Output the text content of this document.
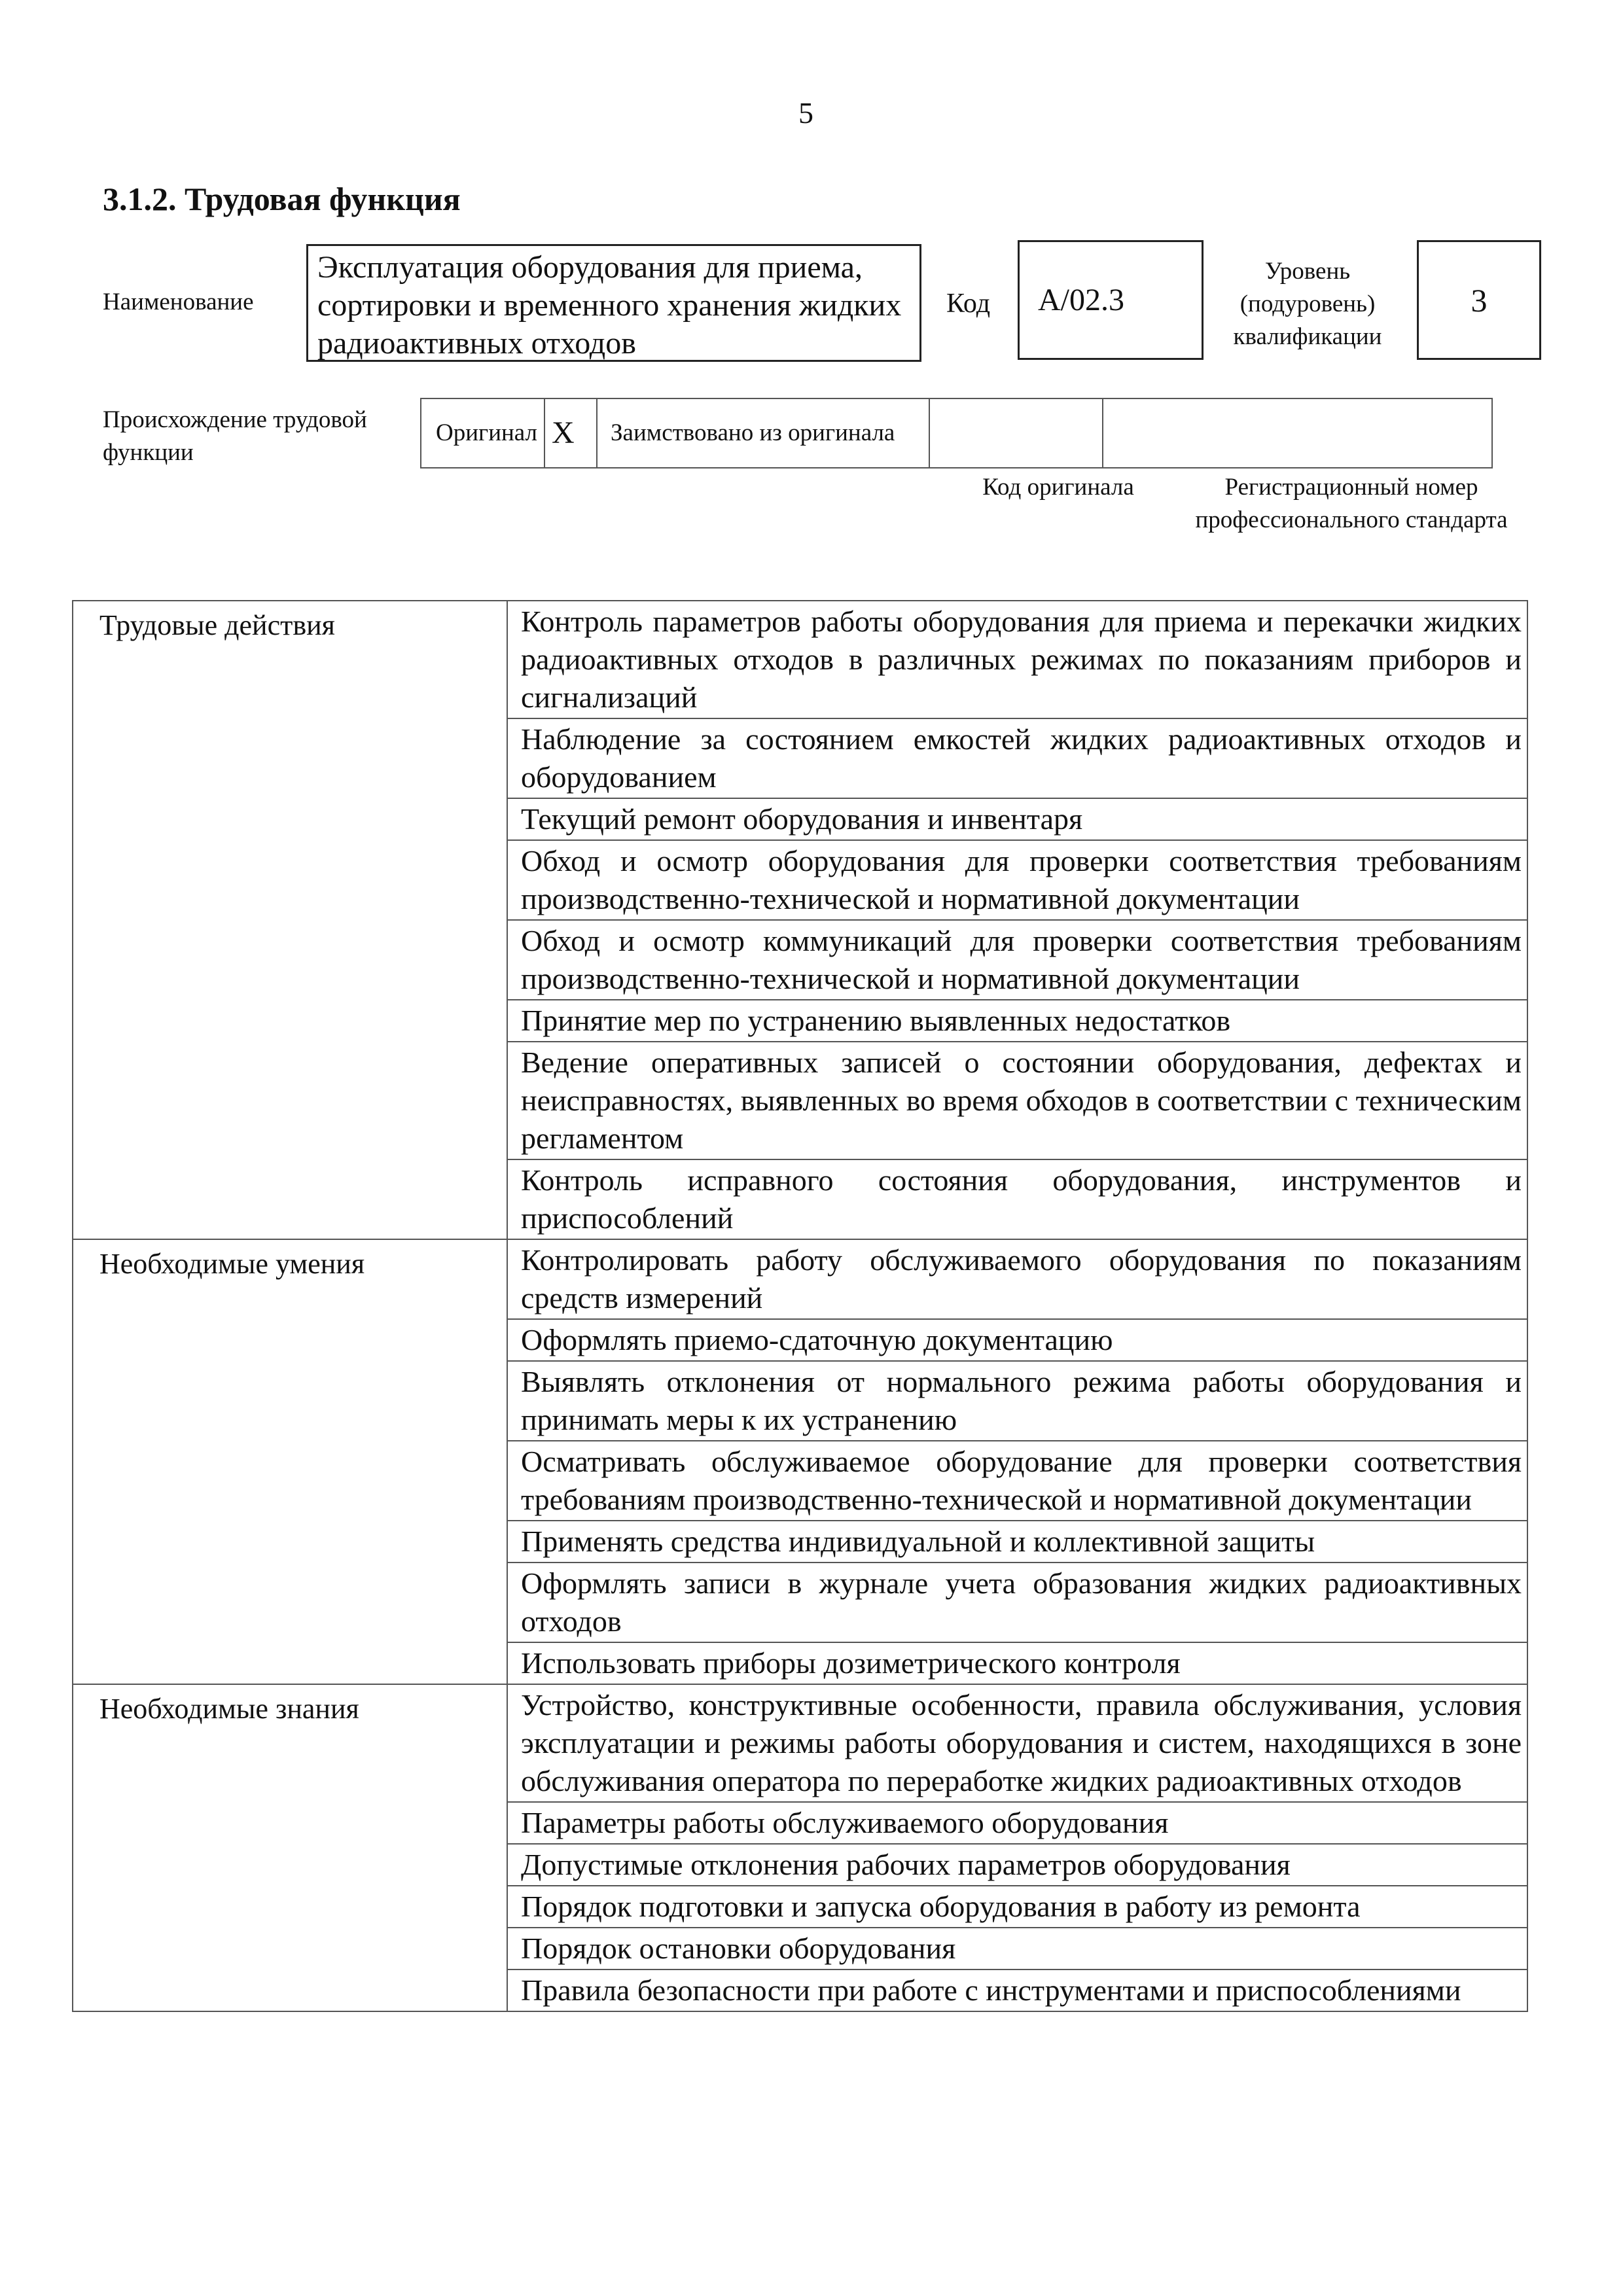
5
3.1.2. Трудовая функция
Наименование
Эксплуатация оборудования для приема, сортировки и временного хранения жидких радиоактивных отходов
Код	А/02.3
Уровень (подуровень) квалификации
3
Происхождение трудовой функции
Оригинал	Х	Заимствовано из оригинала		
Код оригинала	Регистрационный номер профессионального стандарта
Трудовые действия	Контроль параметров работы оборудования для приема и перекачки жидких радиоактивных отходов в различных режимах по показаниям приборов и сигнализаций
	Наблюдение за состоянием емкостей жидких радиоактивных отходов и оборудованием
	Текущий ремонт оборудования и инвентаря
	Обход и осмотр оборудования для проверки соответствия требованиям производственно-технической и нормативной документации
	Обход и осмотр коммуникаций для проверки соответствия требованиям производственно-технической и нормативной документации
	Принятие мер по устранению выявленных недостатков
	Ведение оперативных записей о состоянии оборудования, дефектах и неисправностях, выявленных во время обходов в соответствии с техническим регламентом
	Контроль исправного состояния оборудования, инструментов и приспособлений
Необходимые умения	Контролировать работу обслуживаемого оборудования по показаниям средств измерений
	Оформлять приемо-сдаточную документацию
	Выявлять отклонения от нормального режима работы оборудования и принимать меры к их устранению
	Осматривать обслуживаемое оборудование для проверки соответствия требованиям производственно-технической и нормативной документации
	Применять средства индивидуальной и коллективной защиты
	Оформлять записи в журнале учета образования жидких радиоактивных отходов
	Использовать приборы дозиметрического контроля
Необходимые знания	Устройство, конструктивные особенности, правила обслуживания, условия эксплуатации и режимы работы оборудования и систем, находящихся в зоне обслуживания оператора по переработке жидких радиоактивных отходов
	Параметры работы обслуживаемого оборудования
	Допустимые отклонения рабочих параметров оборудования
	Порядок подготовки и запуска оборудования в работу из ремонта
	Порядок остановки оборудования
	Правила безопасности при работе с инструментами и приспособлениями
